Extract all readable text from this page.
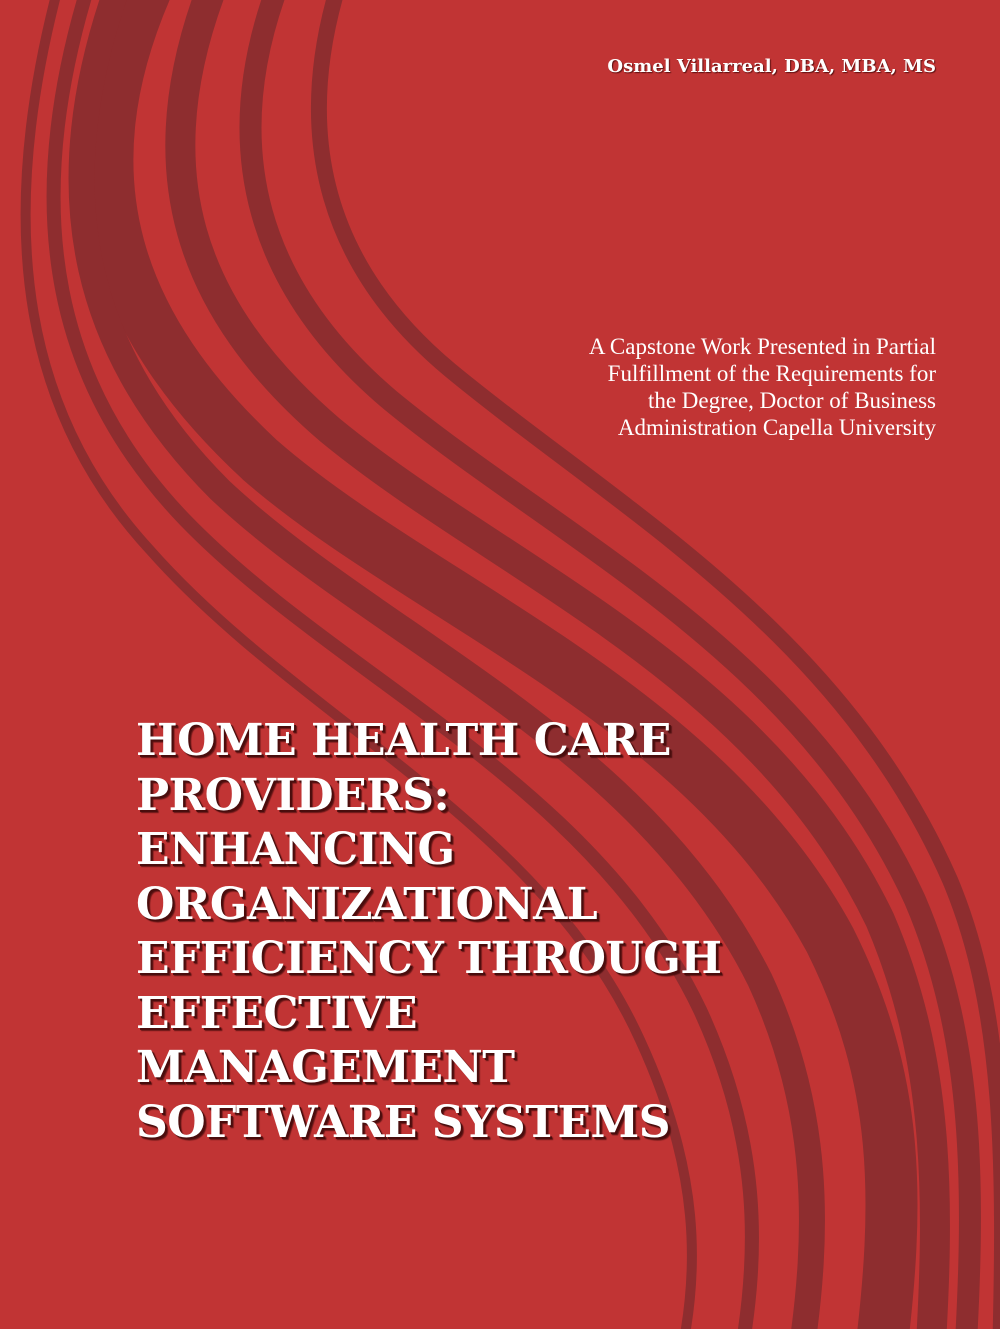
Osmel Villarreal, DBA, MBA, MS
A Capstone Work Presented in Partial
Fulfillment of the Requirements for
the Degree, Doctor of Business
Administration Capella University
HOME HEALTH CARE
PROVIDERS:
ENHANCING
ORGANIZATIONAL
EFFICIENCY THROUGH
EFFECTIVE
MANAGEMENT
SOFTWARE SYSTEMS
